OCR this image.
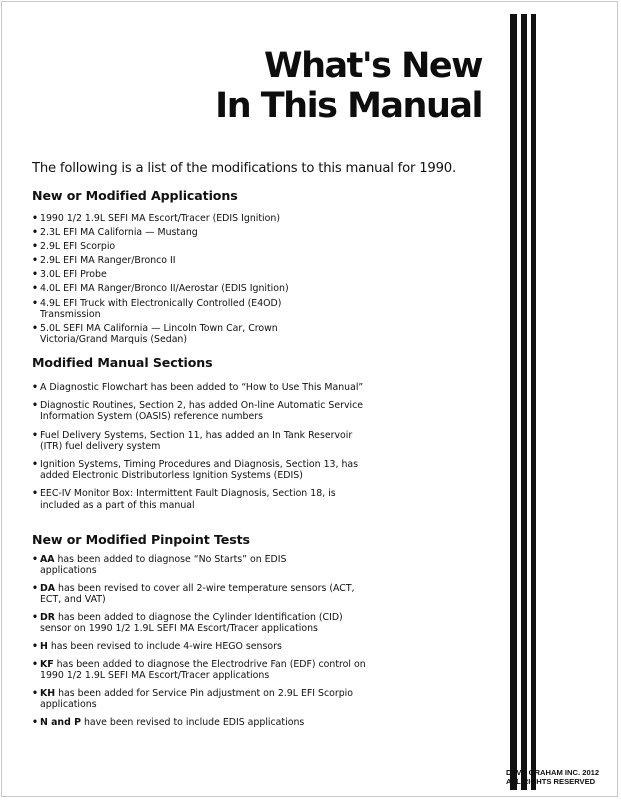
What's New
In This Manual
The following is a list of the modifications to this manual for 1990.
New or Modified Applications
• 1990 1/2 1.9L SEFI MA Escort/Tracer (EDIS Ignition)
• 2.3L EFI MA California — Mustang
• 2.9L EFI Scorpio
• 2.9L EFI MA Ranger/Bronco II
• 3.0L EFI Probe
• 4.0L EFI MA Ranger/Bronco II/Aerostar (EDIS Ignition)
• 4.9L EFI Truck with Electronically Controlled (E4OD) Transmission
• 5.0L SEFI MA California — Lincoln Town Car, Crown Victoria/Grand Marquis (Sedan)
Modified Manual Sections
• A Diagnostic Flowchart has been added to “How to Use This Manual”
• Diagnostic Routines, Section 2, has added On-line Automatic Service Information System (OASIS) reference numbers
• Fuel Delivery Systems, Section 11, has added an In Tank Reservoir (ITR) fuel delivery system
• Ignition Systems, Timing Procedures and Diagnosis, Section 13, has added Electronic Distributorless Ignition Systems (EDIS)
• EEC-IV Monitor Box: Intermittent Fault Diagnosis, Section 18, is included as a part of this manual
New or Modified Pinpoint Tests
• AA has been added to diagnose “No Starts” on EDIS applications
• DA has been revised to cover all 2-wire temperature sensors (ACT, ECT, and VAT)
• DR has been added to diagnose the Cylinder Identification (CID) sensor on 1990 1/2 1.9L SEFI MA Escort/Tracer applications
• H has been revised to include 4-wire HEGO sensors
• KF has been added to diagnose the Electrodrive Fan (EDF) control on 1990 1/2 1.9L SEFI MA Escort/Tracer applications
• KH has been added for Service Pin adjustment on 2.9L EFI Scorpio applications
• N and P have been revised to include EDIS applications
DAVE GRAHAM INC. 2012
ALL RIGHTS RESERVED
